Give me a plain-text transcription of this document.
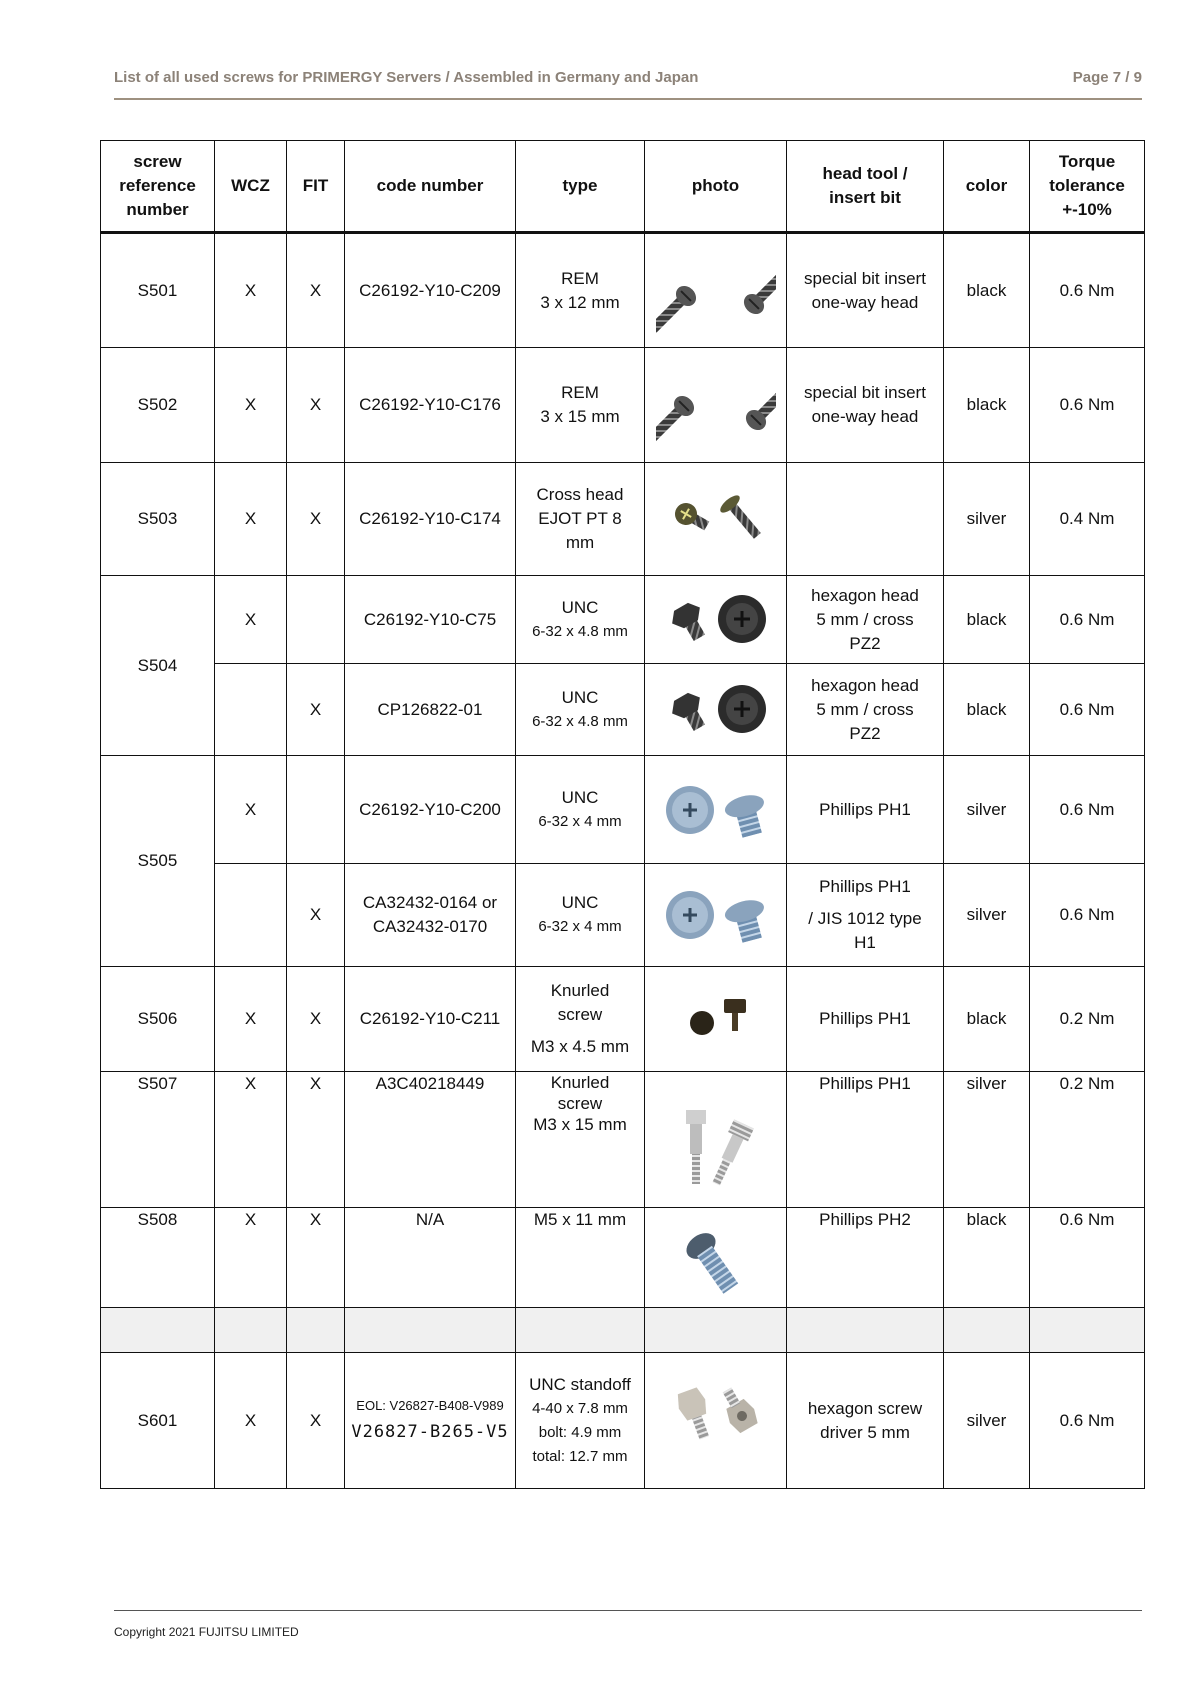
List of all used screws for PRIMERGY Servers / Assembled in Germany and Japan	Page 7 / 9
screw
reference
number	WCZ	FIT	code number	type	photo	head tool /
insert bit	color	Torque
tolerance
+-10%

S501	X	X	C26192-Y10-C209	REM
3 x 12 mm		special bit insert
one-way head	black	0.6 Nm
S502	X	X	C26192-Y10-C176	REM
3 x 15 mm		special bit insert
one-way head	black	0.6 Nm
S503	X	X	C26192-Y10-C174	Cross head
EJOT PT 8
mm			silver	0.4 Nm
S504	X		C26192-Y10-C75	UNC
6-32 x 4.8 mm		hexagon head
5 mm / cross
PZ2	black	0.6 Nm
		X	CP126822-01	UNC
6-32 x 4.8 mm		hexagon head
5 mm / cross
PZ2	black	0.6 Nm
S505	X		C26192-Y10-C200	UNC
6-32 x 4 mm		Phillips PH1	silver	0.6 Nm
		X	CA32432-0164 or
CA32432-0170	UNC
6-32 x 4 mm		Phillips PH1
/ JIS 1012 type
H1	silver	0.6 Nm
S506	X	X	C26192-Y10-C211	Knurled
screw
M3 x 4.5 mm		Phillips PH1	black	0.2 Nm
S507	X	X	A3C40218449	Knurled
screw
M3 x 15 mm		Phillips PH1	silver	0.2 Nm
S508	X	X	N/A	M5 x 11 mm		Phillips PH2	black	0.6 Nm

S601	X	X	EOL: V26827-B408-V989
V26827-B265-V5	UNC standoff
4-40 x 7.8 mm
bolt: 4.9 mm
total: 12.7 mm		hexagon screw
driver 5 mm	silver	0.6 Nm
Copyright 2021 FUJITSU LIMITED
